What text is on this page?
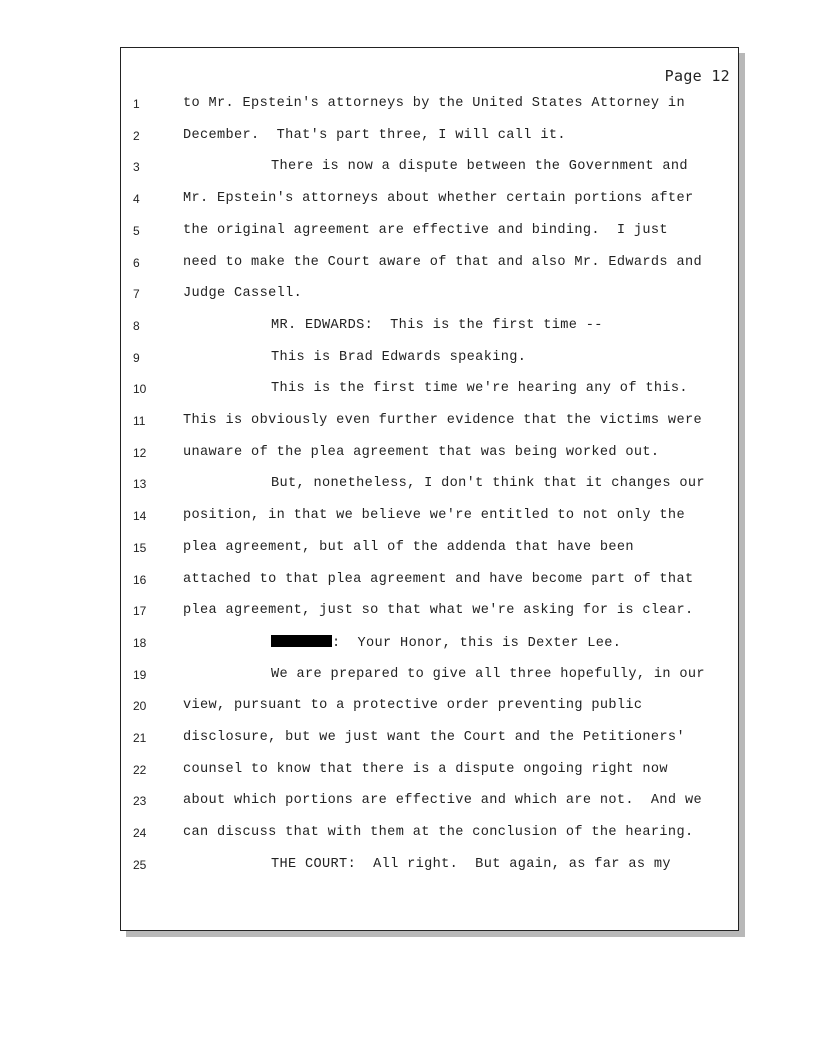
Page 12
1	to Mr. Epstein's attorneys by the United States Attorney in
2	December.  That's part three, I will call it.
3	There is now a dispute between the Government and
4	Mr. Epstein's attorneys about whether certain portions after
5	the original agreement are effective and binding.  I just
6	need to make the Court aware of that and also Mr. Edwards and
7	Judge Cassell.
8	MR. EDWARDS:  This is the first time --
9	This is Brad Edwards speaking.
10	This is the first time we're hearing any of this.
11	This is obviously even further evidence that the victims were
12	unaware of the plea agreement that was being worked out.
13	But, nonetheless, I don't think that it changes our
14	position, in that we believe we're entitled to not only the
15	plea agreement, but all of the addenda that have been
16	attached to that plea agreement and have become part of that
17	plea agreement, just so that what we're asking for is clear.
18	:  Your Honor, this is Dexter Lee.
19	We are prepared to give all three hopefully, in our
20	view, pursuant to a protective order preventing public
21	disclosure, but we just want the Court and the Petitioners'
22	counsel to know that there is a dispute ongoing right now
23	about which portions are effective and which are not.  And we
24	can discuss that with them at the conclusion of the hearing.
25	THE COURT:  All right.  But again, as far as my
